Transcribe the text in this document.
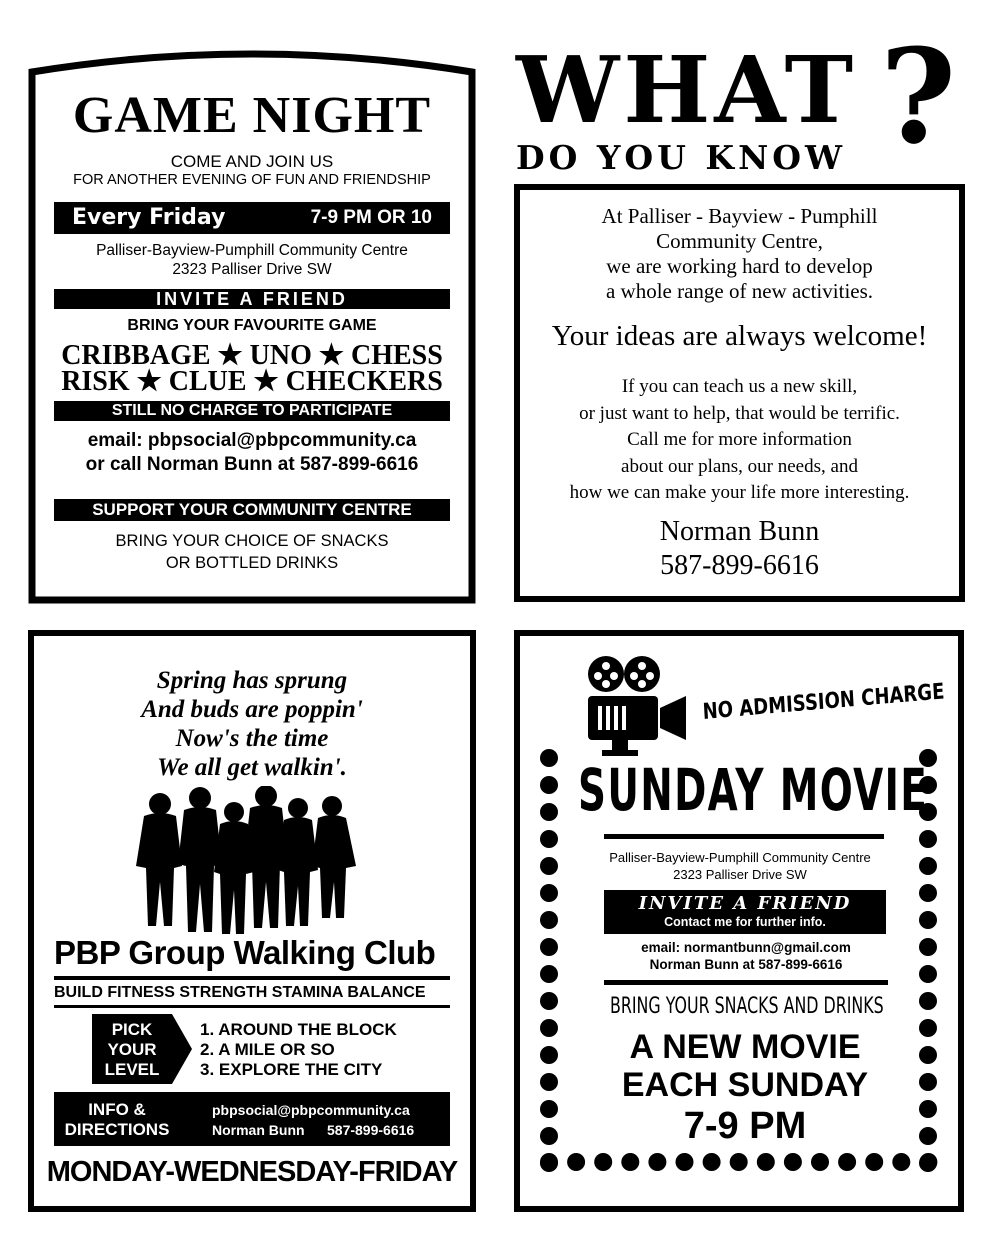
GAME NIGHT
COME AND JOIN US
FOR ANOTHER EVENING OF FUN AND FRIENDSHIP
Every Friday	7-9 PM OR 10
Palliser-Bayview-Pumphill Community Centre
2323 Palliser Drive SW
INVITE A FRIEND
BRING YOUR FAVOURITE GAME
CRIBBAGE ★ UNO ★ CHESS
RISK ★ CLUE ★ CHECKERS
STILL NO CHARGE TO PARTICIPATE
email: pbpsocial@pbpcommunity.ca
or call Norman Bunn at 587-899-6616
SUPPORT YOUR COMMUNITY CENTRE
BRING YOUR CHOICE OF SNACKS
OR BOTTLED DRINKS
WHAT ?
DO YOU KNOW
At Palliser - Bayview - Pumphill
Community Centre,
we are working hard to develop
a whole range of new activities.
Your ideas are always welcome!
If you can teach us a new skill,
or just want to help, that would be terrific.
Call me for more information
about our plans, our needs, and
how we can make your life more interesting.
Norman Bunn
587-899-6616
Spring has sprung
And buds are poppin'
Now's the time
We all get walkin'.
PBP Group Walking Club
BUILD FITNESS STRENGTH STAMINA BALANCE
PICK
YOUR
LEVEL
1. AROUND THE BLOCK
2. A MILE OR SO
3. EXPLORE THE CITY
INFO &
DIRECTIONS
pbpsocial@pbpcommunity.ca
Norman Bunn 587-899-6616
MONDAY-WEDNESDAY-FRIDAY
NO ADMISSION CHARGE
SUNDAY MOVIE
Palliser-Bayview-Pumphill Community Centre
2323 Palliser Drive SW
INVITE A FRIEND
Contact me for further info.
email: normantbunn@gmail.com
Norman Bunn at 587-899-6616
BRING YOUR SNACKS AND DRINKS
A NEW MOVIE
EACH SUNDAY
7-9 PM
